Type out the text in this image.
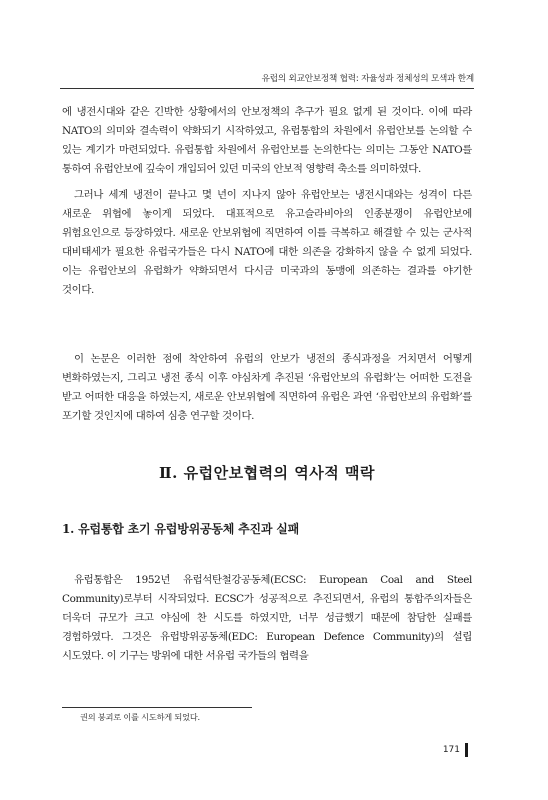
유럽의 외교안보정책 협력: 자율성과 정체성의 모색과 한계

에 냉전시대와 같은 긴박한 상황에서의 안보정책의 추구가 필요 없게 된 것이다. 이에 따라 NATO의 의미와 결속력이 약화되기 시작하였고, 유럽통합의 차원에서 유럽안보를 논의할 수 있는 계기가 마련되었다. 유럽통합 차원에서 유럽안보를 논의한다는 의미는 그동안 NATO를 통하여 유럽안보에 깊숙이 개입되어 있던 미국의 안보적 영향력 축소를 의미하였다.

그러나 세계 냉전이 끝나고 몇 년이 지나지 않아 유럽안보는 냉전시대와는 성격이 다른 새로운 위협에 놓이게 되었다. 대표적으로 유고슬라비아의 인종분쟁이 유럽안보에 위험요인으로 등장하였다. 새로운 안보위협에 직면하여 이를 극복하고 해결할 수 있는 군사적 대비태세가 필요한 유럽국가들은 다시 NATO에 대한 의존을 강화하지 않을 수 없게 되었다. 이는 유럽안보의 유럽화가 약화되면서 다시금 미국과의 동맹에 의존하는 결과를 야기한 것이다.

이 논문은 이러한 점에 착안하여 유럽의 안보가 냉전의 종식과정을 거치면서 어떻게 변화하였는지, 그리고 냉전 종식 이후 야심차게 추진된 ‘유럽안보의 유럽화’는 어떠한 도전을 받고 어떠한 대응을 하였는지, 새로운 안보위협에 직면하여 유럽은 과연 ‘유럽안보의 유럽화’를 포기할 것인지에 대하여 심층 연구할 것이다.

Ⅱ. 유럽안보협력의 역사적 맥락
1. 유럽통합 초기 유럽방위공동체 추진과 실패

유럽통합은 1952년 유럽석탄철강공동체(ECSC: European Coal and Steel Community)로부터 시작되었다. ECSC가 성공적으로 추진되면서, 유럽의 통합주의자들은 더욱더 규모가 크고 야심에 찬 시도를 하였지만, 너무 성급했기 때문에 참담한 실패를 경험하였다. 그것은 유럽방위공동체(EDC: European Defence Community)의 설립 시도였다. 이 기구는 방위에 대한 서유럽 국가들의 협력을

권의 붕괴로 이를 시도하게 되었다.
171
